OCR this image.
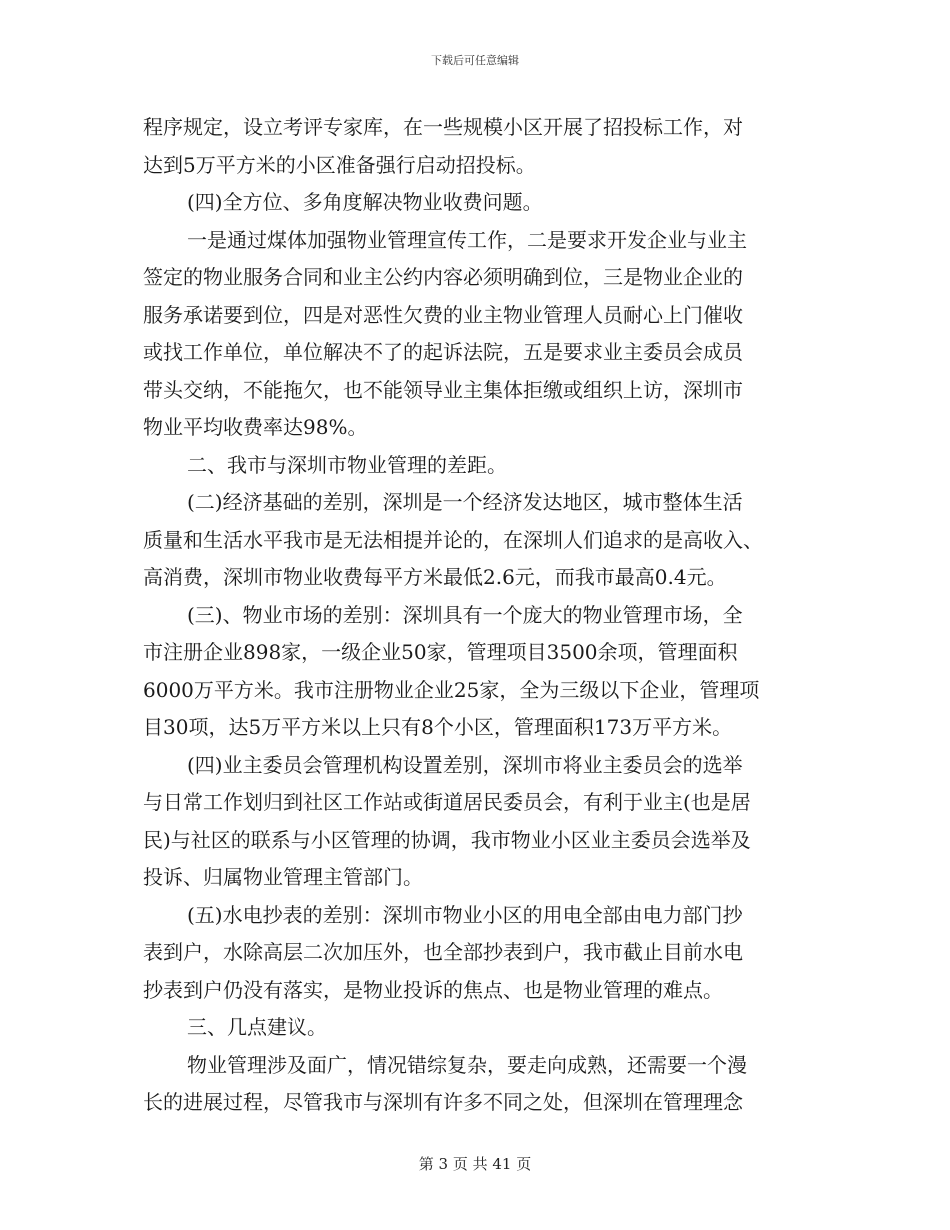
下载后可任意编辑

程序规定，设立考评专家库，在一些规模小区开展了招投标工作，对

达到5万平方米的小区准备强行启动招投标。

(四)全方位、多角度解决物业收费问题。

一是通过煤体加强物业管理宣传工作，二是要求开发企业与业主

签定的物业服务合同和业主公约内容必须明确到位，三是物业企业的

服务承诺要到位，四是对恶性欠费的业主物业管理人员耐心上门催收

或找工作单位，单位解决不了的起诉法院，五是要求业主委员会成员

带头交纳，不能拖欠，也不能领导业主集体拒缴或组织上访，深圳市

物业平均收费率达98%。

二、我市与深圳市物业管理的差距。

(二)经济基础的差别，深圳是一个经济发达地区，城市整体生活

质量和生活水平我市是无法相提并论的，在深圳人们追求的是高收入、

高消费，深圳市物业收费每平方米最低2.6元，而我市最高0.4元。

(三)、物业市场的差别：深圳具有一个庞大的物业管理市场，全

市注册企业898家，一级企业50家，管理项目3500余项，管理面积

6000万平方米。我市注册物业企业25家，全为三级以下企业，管理项

目30项，达5万平方米以上只有8个小区，管理面积173万平方米。

(四)业主委员会管理机构设置差别，深圳市将业主委员会的选举

与日常工作划归到社区工作站或街道居民委员会，有利于业主(也是居

民)与社区的联系与小区管理的协调，我市物业小区业主委员会选举及

投诉、归属物业管理主管部门。

(五)水电抄表的差别：深圳市物业小区的用电全部由电力部门抄

表到户，水除高层二次加压外，也全部抄表到户，我市截止目前水电

抄表到户仍没有落实，是物业投诉的焦点、也是物业管理的难点。

三、几点建议。

物业管理涉及面广，情况错综复杂，要走向成熟，还需要一个漫

长的进展过程，尽管我市与深圳有许多不同之处，但深圳在管理理念

第 3 页 共 41 页
